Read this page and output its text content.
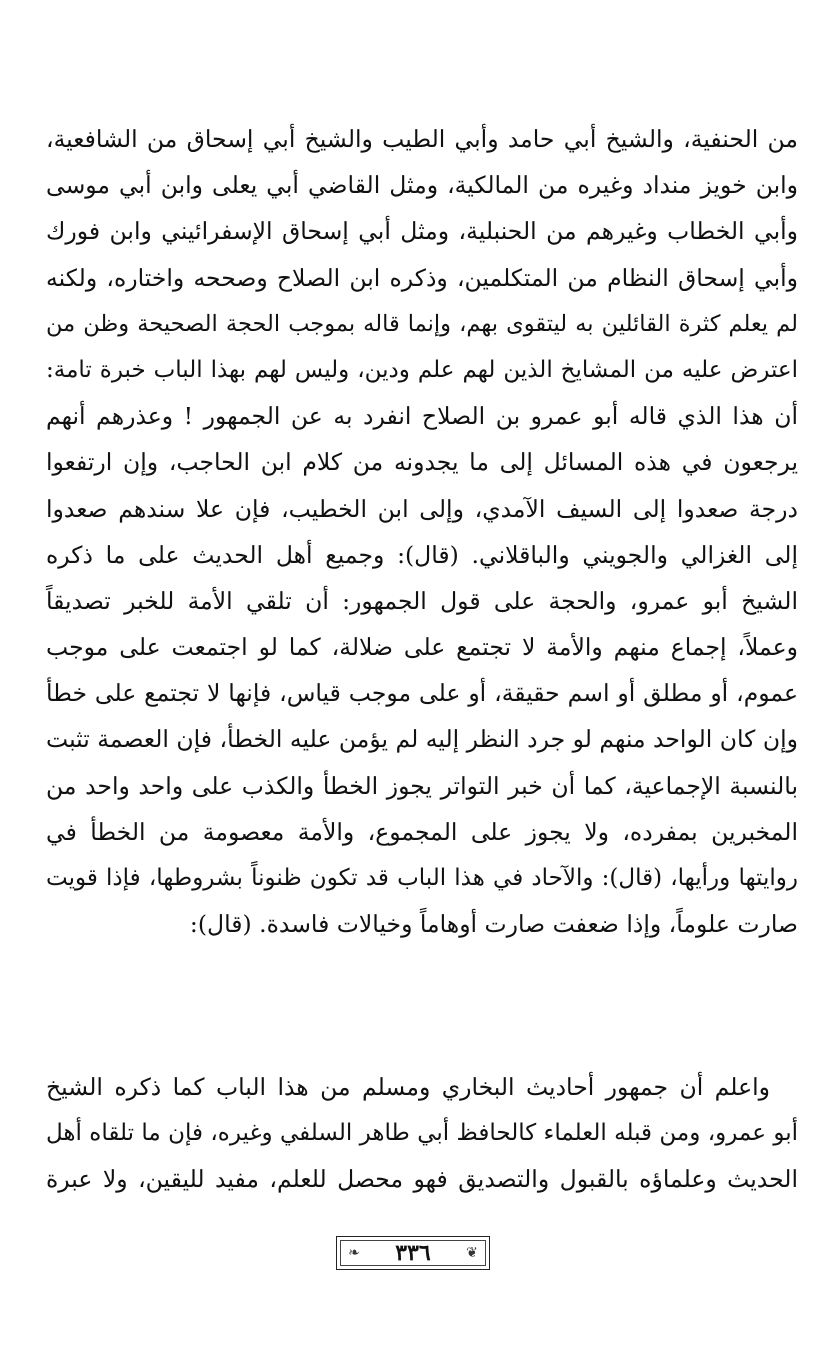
من الحنفية، والشيخ أبي حامد وأبي الطيب والشيخ أبي إسحاق من الشافعية،
وابن خويز منداد وغيره من المالكية، ومثل القاضي أبي يعلى وابن أبي موسى
وأبي الخطاب وغيرهم من الحنبلية، ومثل أبي إسحاق الإسفرائيني وابن فورك
وأبي إسحاق النظام من المتكلمين، وذكره ابن الصلاح وصححه واختاره، ولكنه
لم يعلم كثرة القائلين به ليتقوى بهم، وإنما قاله بموجب الحجة الصحيحة وظن من
اعترض عليه من المشايخ الذين لهم علم ودين، وليس لهم بهذا الباب خبرة تامة:
أن هذا الذي قاله أبو عمرو بن الصلاح انفرد به عن الجمهور ! وعذرهم أنهم
يرجعون في هذه المسائل إلى ما يجدونه من كلام ابن الحاجب، وإن ارتفعوا
درجة صعدوا إلى السيف الآمدي، وإلى ابن الخطيب، فإن علا سندهم صعدوا
إلى الغزالي والجويني والباقلاني. (قال): وجميع أهل الحديث على ما ذكره
الشيخ أبو عمرو، والحجة على قول الجمهور: أن تلقي الأمة للخبر تصديقاً
وعملاً، إجماع منهم والأمة لا تجتمع على ضلالة، كما لو اجتمعت على موجب
عموم، أو مطلق أو اسم حقيقة، أو على موجب قياس، فإنها لا تجتمع على خطأ
وإن كان الواحد منهم لو جرد النظر إليه لم يؤمن عليه الخطأ، فإن العصمة تثبت
بالنسبة الإجماعية، كما أن خبر التواتر يجوز الخطأ والكذب على واحد واحد من
المخبرين بمفرده، ولا يجوز على المجموع، والأمة معصومة من الخطأ في
روايتها ورأيها، (قال): والآحاد في هذا الباب قد تكون ظنوناً بشروطها، فإذا قويت
صارت علوماً، وإذا ضعفت صارت أوهاماً وخيالات فاسدة. (قال):
واعلم أن جمهور أحاديث البخاري ومسلم من هذا الباب كما ذكره الشيخ
أبو عمرو، ومن قبله العلماء كالحافظ أبي طاهر السلفي وغيره، فإن ما تلقاه أهل
الحديث وعلماؤه بالقبول والتصديق فهو محصل للعلم، مفيد لليقين، ولا عبرة
❦
٣٣٦
❧
